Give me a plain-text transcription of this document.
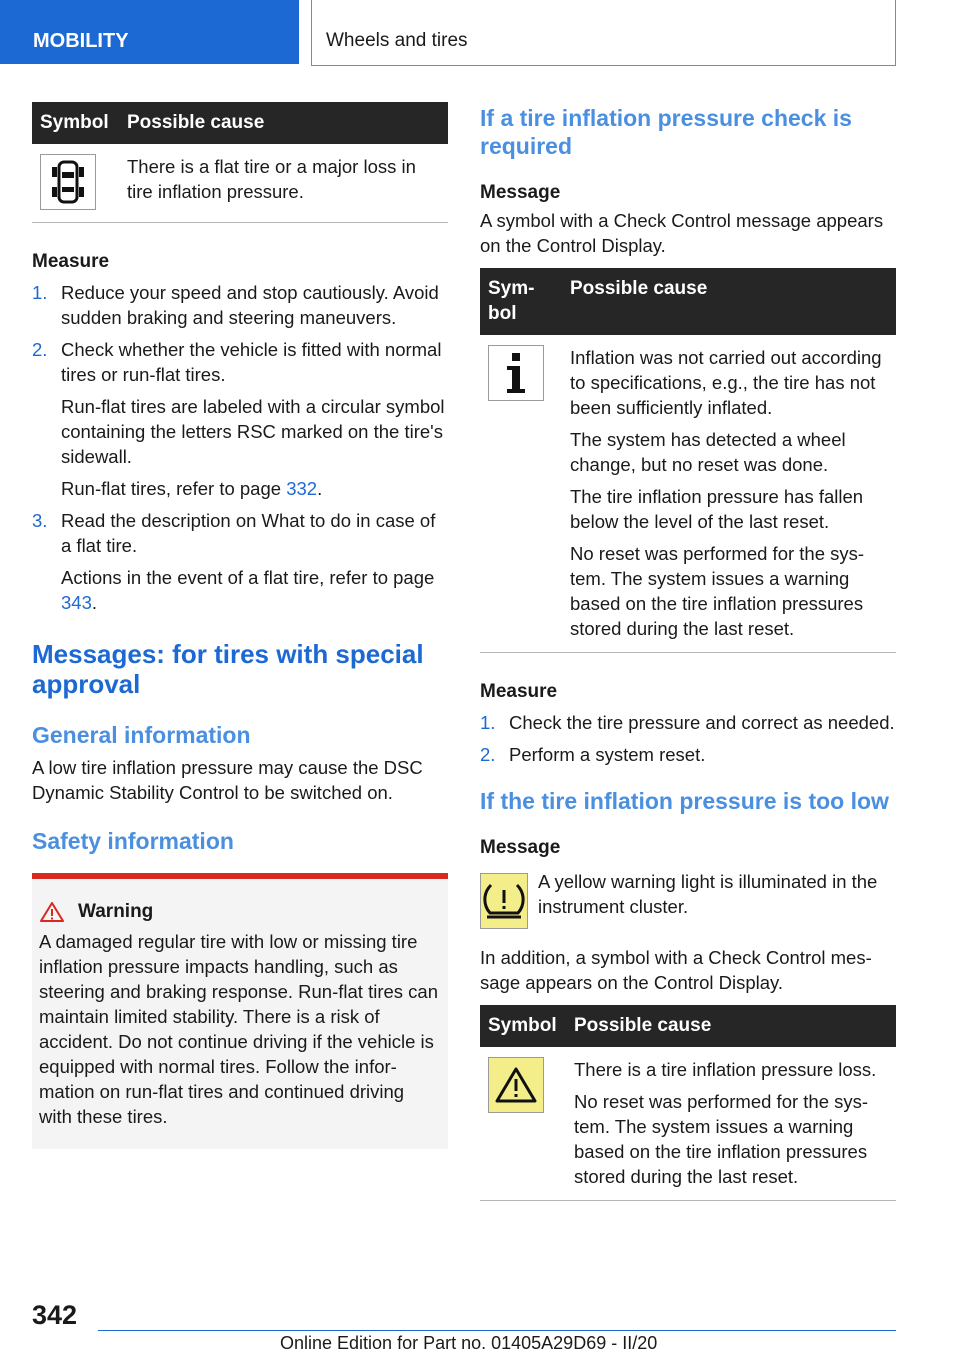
MOBILITY	Wheels and tires
Symbol	Possible cause

	There is a flat tire or a major loss in tire inflation pressure.
Measure
1. Reduce your speed and stop cautiously. Avoid sudden braking and steering maneuvers.

2. Check whether the vehicle is fitted with normal tires or run-flat tires.

Run-flat tires are labeled with a circular symbol containing the letters RSC marked on the tire's sidewall.

Run-flat tires, refer to page 332.

3. Read the description on What to do in case of a flat tire.

Actions in the event of a flat tire, refer to page 343.

Messages: for tires with special approval
General information

A low tire inflation pressure may cause the DSC Dynamic Stability Control to be switched on.

Safety information
Warning

A damaged regular tire with low or missing tire inflation pressure impacts handling, such as steering and braking response. Run-flat tires can maintain limited stability. There is a risk of accident. Do not continue driving if the vehicle is equipped with normal tires. Follow the information on run-flat tires and continued driving with these tires.

If a tire inflation pressure check is required
Message

A symbol with a Check Control message appears on the Control Display.

Symbol	Possible cause

Inflation was not carried out according to specifications, e.g., the tire has not been sufficiently inflated.

The system has detected a wheel change, but no reset was done.

The tire inflation pressure has fallen below the level of the last reset.

No reset was performed for the system. The system issues a warning based on the tire inflation pressures stored during the last reset.

Measure
1. Check the tire pressure and correct as needed.

2. Perform a system reset.

If the tire inflation pressure is too low
Message

A yellow warning light is illuminated in the instrument cluster.

In addition, a symbol with a Check Control message appears on the Control Display.

Symbol	Possible cause

There is a tire inflation pressure loss.

No reset was performed for the system. The system issues a warning based on the tire inflation pressures stored during the last reset.

342
Online Edition for Part no. 01405A29D69 - II/20
